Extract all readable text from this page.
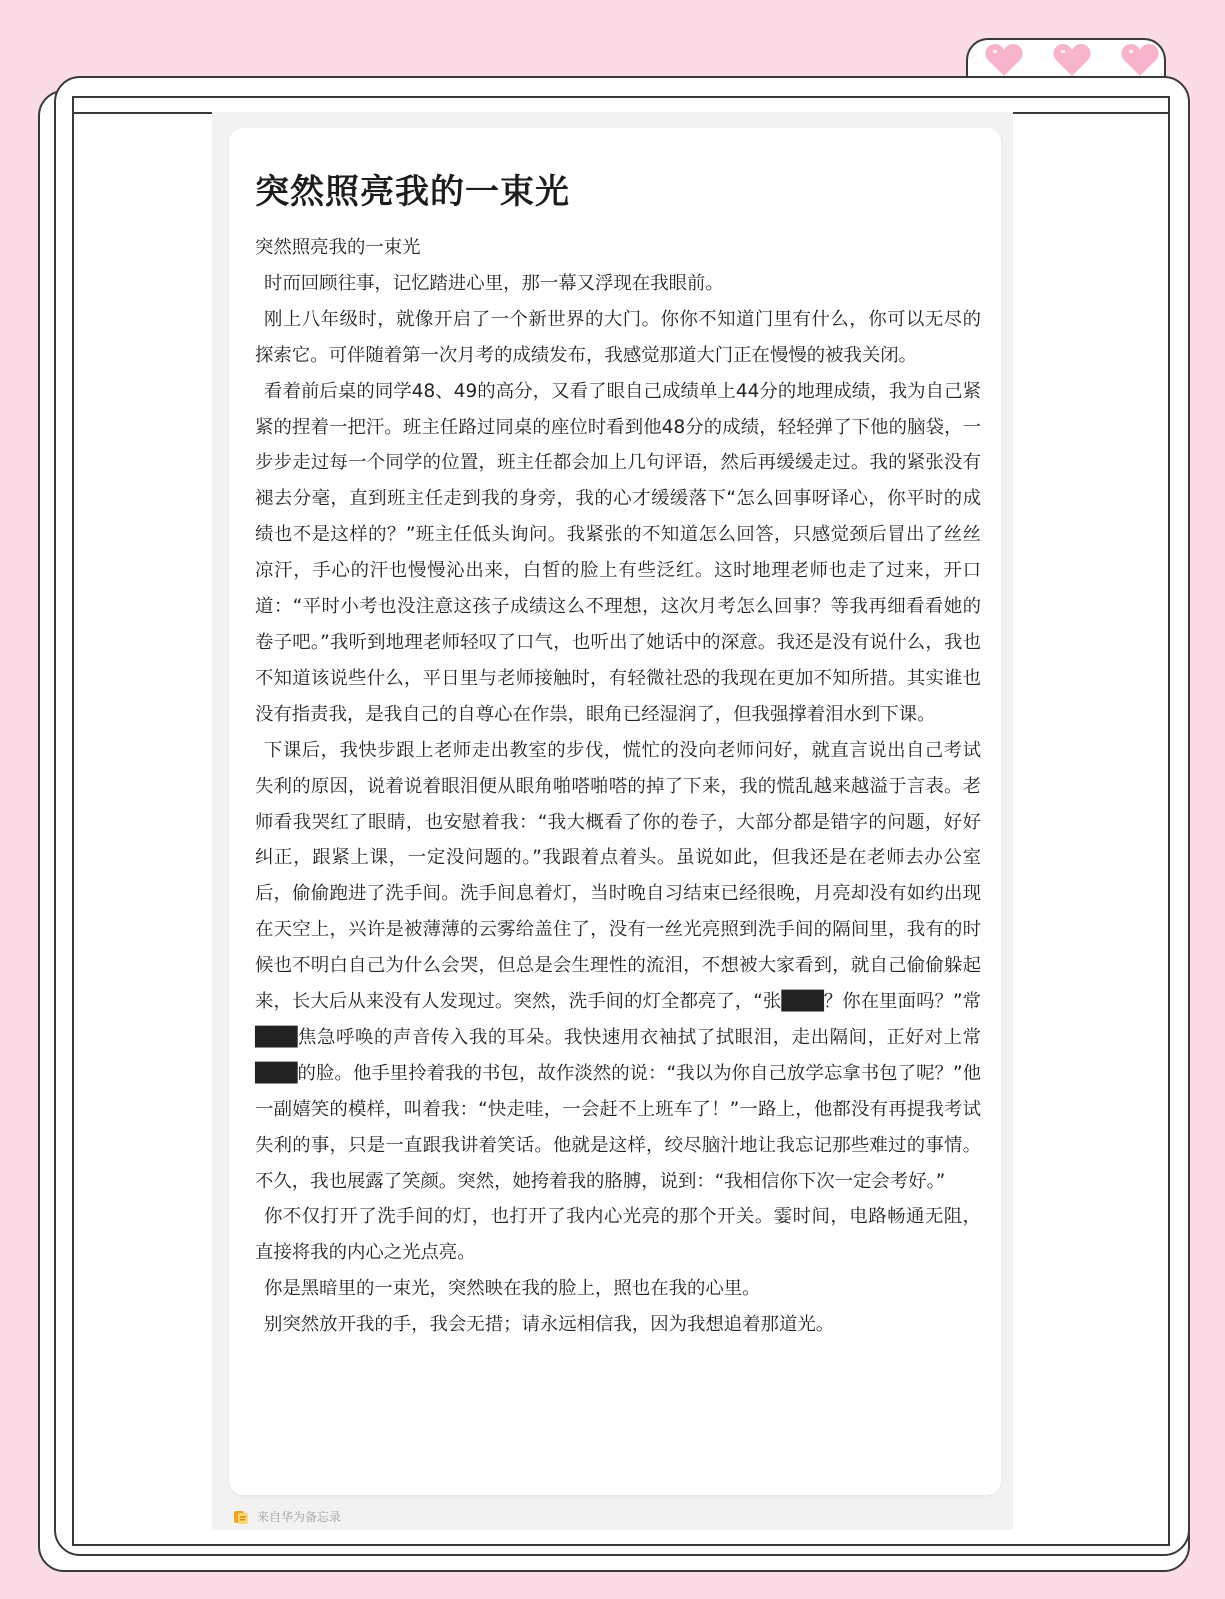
突然照亮我的一束光

突然照亮我的一束光

时而回顾往事，记忆踏进心里，那一幕又浮现在我眼前。

刚上八年级时，就像开启了一个新世界的大门。你你不知道门里有什么，你可以无尽的探索它。可伴随着第一次月考的成绩发布，我感觉那道大门正在慢慢的被我关闭。

看着前后桌的同学48、49的高分，又看了眼自己成绩单上44分的地理成绩，我为自己紧紧的捏着一把汗。班主任路过同桌的座位时看到他48分的成绩，轻轻弹了下他的脑袋，一步步走过每一个同学的位置，班主任都会加上几句评语，然后再缓缓走过。我的紧张没有褪去分毫，直到班主任走到我的身旁，我的心才缓缓落下“怎么回事呀译心，你平时的成绩也不是这样的？”班主任低头询问。我紧张的不知道怎么回答，只感觉颈后冒出了丝丝凉汗，手心的汗也慢慢沁出来，白皙的脸上有些泛红。这时地理老师也走了过来，开口道：“平时小考也没注意这孩子成绩这么不理想，这次月考怎么回事？等我再细看看她的卷子吧。”我听到地理老师轻叹了口气，也听出了她话中的深意。我还是没有说什么，我也不知道该说些什么，平日里与老师接触时，有轻微社恐的我现在更加不知所措。其实谁也没有指责我，是我自己的自尊心在作祟，眼角已经湿润了，但我强撑着泪水到下课。

下课后，我快步跟上老师走出教室的步伐，慌忙的没向老师问好，就直言说出自己考试失利的原因，说着说着眼泪便从眼角啪嗒啪嗒的掉了下来，我的慌乱越来越溢于言表。老师看我哭红了眼睛，也安慰着我：“我大概看了你的卷子，大部分都是错字的问题，好好纠正，跟紧上课，一定没问题的。”我跟着点着头。虽说如此，但我还是在老师去办公室后，偷偷跑进了洗手间。洗手间息着灯，当时晚自习结束已经很晚，月亮却没有如约出现在天空上，兴许是被薄薄的云雾给盖住了，没有一丝光亮照到洗手间的隔间里，我有的时候也不明白自己为什么会哭，但总是会生理性的流泪，不想被大家看到，就自己偷偷躲起来，长大后从来没有人发现过。突然，洗手间的灯全都亮了，“张███？你在里面吗？”常███焦急呼唤的声音传入我的耳朵。我快速用衣袖拭了拭眼泪，走出隔间，正好对上常███的脸。他手里拎着我的书包，故作淡然的说：“我以为你自己放学忘拿书包了呢？”他一副嬉笑的模样，叫着我：“快走哇，一会赶不上班车了！”一路上，他都没有再提我考试失利的事，只是一直跟我讲着笑话。他就是这样，绞尽脑汁地让我忘记那些难过的事情。不久，我也展露了笑颜。突然，她挎着我的胳膊，说到：“我相信你下次一定会考好。”

你不仅打开了洗手间的灯，也打开了我内心光亮的那个开关。霎时间，电路畅通无阻，直接将我的内心之光点亮。

你是黑暗里的一束光，突然映在我的脸上，照也在我的心里。

别突然放开我的手，我会无措；请永远相信我，因为我想追着那道光。

来自华为备忘录
